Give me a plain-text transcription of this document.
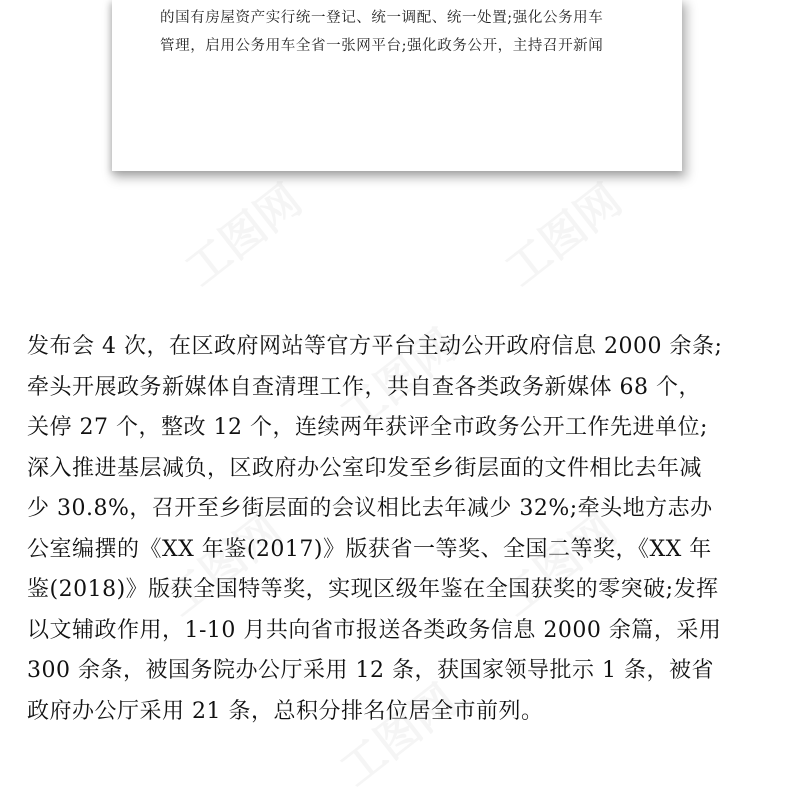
工图网	工图网
工图网
工图网	工图网
工图网
的国有房屋资产实行统一登记、统一调配、统一处置;强化公务用车
管理，启用公务用车全省一张网平台;强化政务公开，主持召开新闻
发布会 4 次，在区政府网站等官方平台主动公开政府信息 2000 余条;
牵头开展政务新媒体自查清理工作，共自查各类政务新媒体 68 个，
关停 27 个，整改 12 个，连续两年获评全市政务公开工作先进单位;
深入推进基层减负，区政府办公室印发至乡街层面的文件相比去年减
少 30.8%，召开至乡街层面的会议相比去年减少 32%;牵头地方志办
公室编撰的《XX 年鉴(2017)》版获省一等奖、全国二等奖，《XX 年
鉴(2018)》版获全国特等奖，实现区级年鉴在全国获奖的零突破;发挥
以文辅政作用，1-10 月共向省市报送各类政务信息 2000 余篇，采用
300 余条，被国务院办公厅采用 12 条，获国家领导批示 1 条，被省
政府办公厅采用 21 条，总积分排名位居全市前列。
